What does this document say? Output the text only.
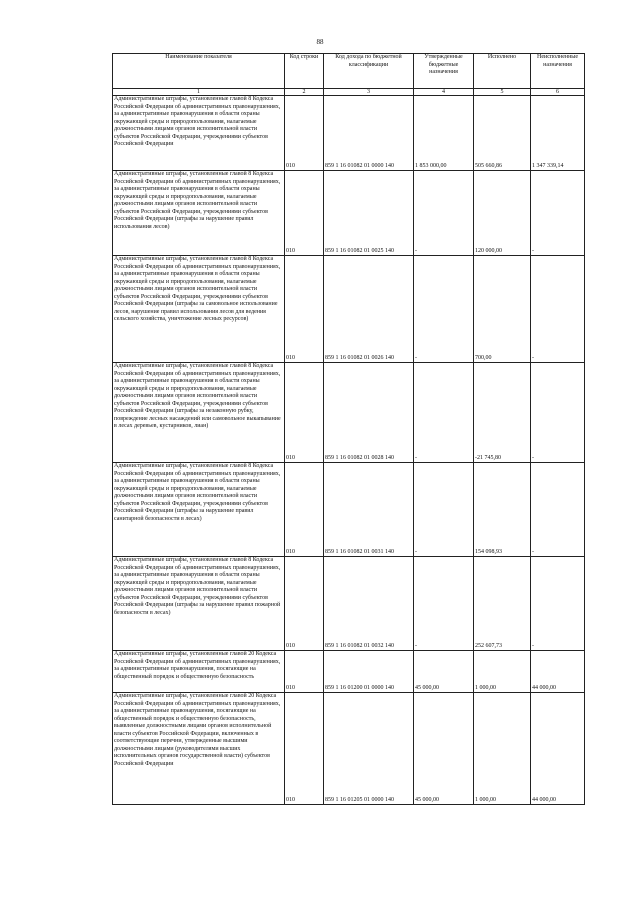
88
Наименование показателя	Код строки	Код дохода по бюджетной классификации	Утвержденные бюджетные назначения	Исполнено	Неисполненные назначения
1	2	3	4	5	6
Административные штрафы, установленные главой 8 Кодекса Российской Федерации об административных правонарушениях, за административные правонарушения в области охраны окружающей среды и природопользования, налагаемые должностными лицами органов исполнительной власти субъектов Российской Федерации, учреждениями субъектов Российской Федерации	010	859 1 16 01082 01 0000 140	1 853 000,00	505 660,86	1 347 339,14
Административные штрафы, установленные главой 8 Кодекса Российской Федерации об административных правонарушениях, за административные правонарушения в области охраны окружающей среды и природопользования, налагаемые должностными лицами органов исполнительной власти субъектов Российской Федерации, учреждениями субъектов Российской Федерации (штрафы за нарушение правил использования лесов)	010	859 1 16 01082 01 0025 140	-	120 000,00	-
Административные штрафы, установленные главой 8 Кодекса Российской Федерации об административных правонарушениях, за административные правонарушения в области охраны окружающей среды и природопользования, налагаемые должностными лицами органов исполнительной власти субъектов Российской Федерации, учреждениями субъектов Российской Федерации (штрафы за самовольное использование лесов, нарушение правил использования лесов для ведения сельского хозяйства, уничтожение лесных ресурсов)	010	859 1 16 01082 01 0026 140	-	700,00	-
Административные штрафы, установленные главой 8 Кодекса Российской Федерации об административных правонарушениях, за административные правонарушения в области охраны окружающей среды и природопользования, налагаемые должностными лицами органов исполнительной власти субъектов Российской Федерации, учреждениями субъектов Российской Федерации (штрафы за незаконную рубку, повреждение лесных насаждений или самовольное выкапывание в лесах деревьев, кустарников, лиан)	010	859 1 16 01082 01 0028 140	-	-21 745,80	-
Административные штрафы, установленные главой 8 Кодекса Российской Федерации об административных правонарушениях, за административные правонарушения в области охраны окружающей среды и природопользования, налагаемые должностными лицами органов исполнительной власти субъектов Российской Федерации, учреждениями субъектов Российской Федерации (штрафы за нарушение правил санитарной безопасности в лесах)	010	859 1 16 01082 01 0031 140	-	154 098,93	-
Административные штрафы, установленные главой 8 Кодекса Российской Федерации об административных правонарушениях, за административные правонарушения в области охраны окружающей среды и природопользования, налагаемые должностными лицами органов исполнительной власти субъектов Российской Федерации, учреждениями субъектов Российской Федерации (штрафы за нарушение правил пожарной безопасности в лесах)	010	859 1 16 01082 01 0032 140	-	252 607,73	-
Административные штрафы, установленные главой 20 Кодекса Российской Федерации об административных правонарушениях, за административные правонарушения, посягающие на общественный порядок и общественную безопасность	010	859 1 16 01200 01 0000 140	45 000,00	1 000,00	44 000,00
Административные штрафы, установленные главой 20 Кодекса Российской Федерации об административных правонарушениях, за административные правонарушения, посягающие на общественный порядок и общественную безопасность, выявленные должностными лицами органов исполнительной власти субъектов Российской Федерации, включенных в соответствующие перечни, утвержденные высшими должностными лицами (руководителями высших исполнительных органов государственной власти) субъектов Российской Федерации	010	859 1 16 01205 01 0000 140	45 000,00	1 000,00	44 000,00
